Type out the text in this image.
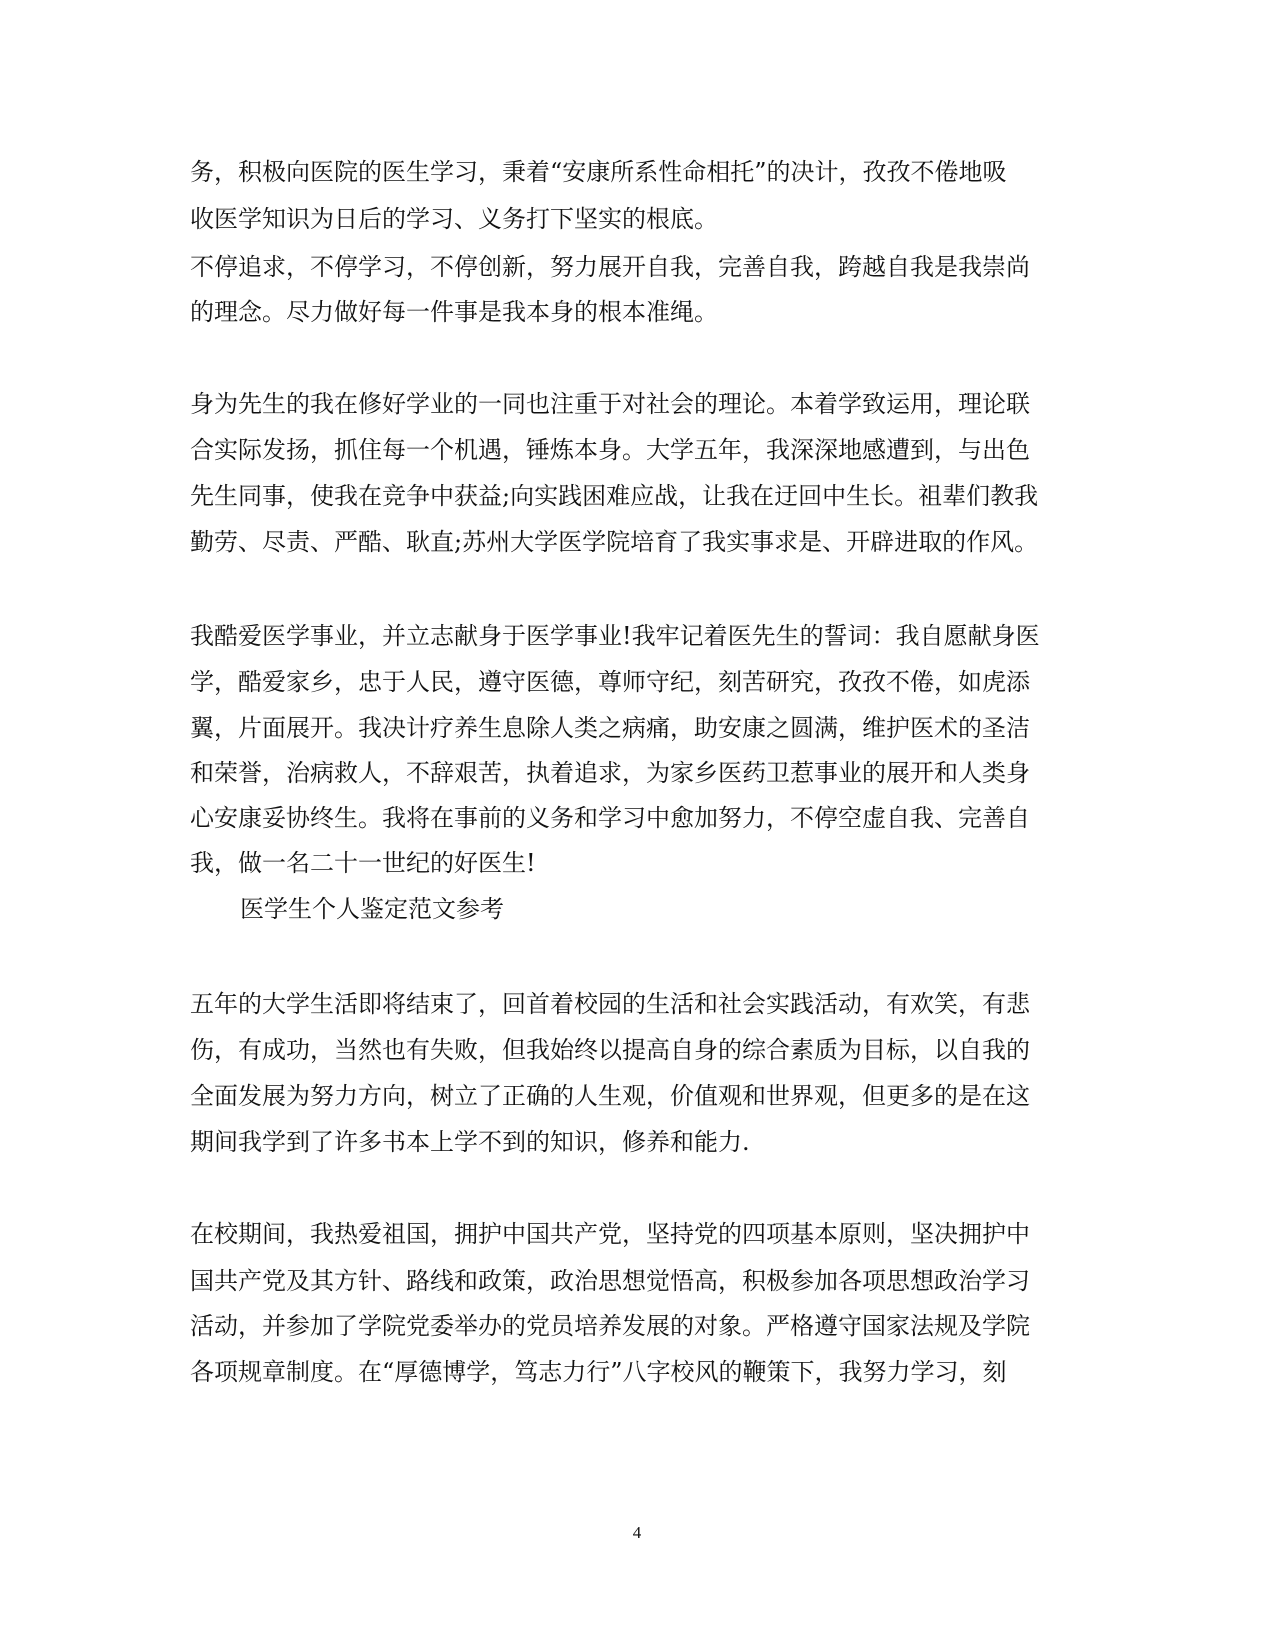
务，积极向医院的医生学习，秉着“安康所系性命相托”的决计，孜孜不倦地吸
收医学知识为日后的学习、义务打下坚实的根底。
不停追求，不停学习，不停创新，努力展开自我，完善自我，跨越自我是我崇尚
的理念。尽力做好每一件事是我本身的根本准绳。
身为先生的我在修好学业的一同也注重于对社会的理论。本着学致运用，理论联
合实际发扬，抓住每一个机遇，锤炼本身。大学五年，我深深地感遭到，与出色
先生同事，使我在竞争中获益;向实践困难应战，让我在迂回中生长。祖辈们教我
勤劳、尽责、严酷、耿直;苏州大学医学院培育了我实事求是、开辟进取的作风。
我酷爱医学事业，并立志献身于医学事业!我牢记着医先生的誓词：我自愿献身医
学，酷爱家乡，忠于人民，遵守医德，尊师守纪，刻苦研究，孜孜不倦，如虎添
翼，片面展开。我决计疗养生息除人类之病痛，助安康之圆满，维护医术的圣洁
和荣誉，治病救人，不辞艰苦，执着追求，为家乡医药卫惹事业的展开和人类身
心安康妥协终生。我将在事前的义务和学习中愈加努力，不停空虚自我、完善自
我，做一名二十一世纪的好医生!
医学生个人鉴定范文参考
五年的大学生活即将结束了，回首着校园的生活和社会实践活动，有欢笑，有悲
伤，有成功，当然也有失败，但我始终以提高自身的综合素质为目标，以自我的
全面发展为努力方向，树立了正确的人生观，价值观和世界观，但更多的是在这
期间我学到了许多书本上学不到的知识，修养和能力.
在校期间，我热爱祖国，拥护中国共产党，坚持党的四项基本原则，坚决拥护中
国共产党及其方针、路线和政策，政治思想觉悟高，积极参加各项思想政治学习
活动，并参加了学院党委举办的党员培养发展的对象。严格遵守国家法规及学院
各项规章制度。在“厚德博学，笃志力行”八字校风的鞭策下，我努力学习，刻
4
